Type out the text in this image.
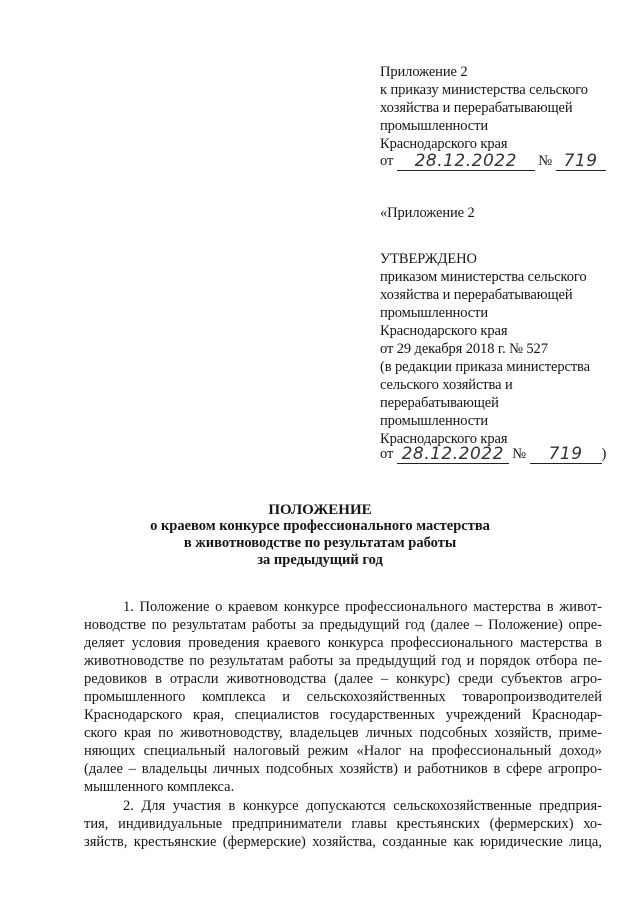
Приложение 2
к приказу министерства сельского
хозяйства и перерабатывающей
промышленности
Краснодарского края
от 28.12.2022 № 719
«Приложение 2
УТВЕРЖДЕНО
приказом министерства сельского
хозяйства и перерабатывающей
промышленности
Краснодарского края
от 29 декабря 2018 г. № 527
(в редакции приказа министерства
сельского хозяйства и
перерабатывающей
промышленности
Краснодарского края
от 28.12.2022 № 719 )
ПОЛОЖЕНИЕ
о краевом конкурсе профессионального мастерства
в животноводстве по результатам работы
за предыдущий год
1. Положение о краевом конкурсе профессионального мастерства в живот-
новодстве по результатам работы за предыдущий год (далее – Положение) опре-
деляет условия проведения краевого конкурса профессионального мастерства в
животноводстве по результатам работы за предыдущий год и порядок отбора пе-
редовиков в отрасли животноводства (далее – конкурс) среди субъектов агро-
промышленного комплекса и сельскохозяйственных товаропроизводителей
Краснодарского края, специалистов государственных учреждений Краснодар-
ского края по животноводству, владельцев личных подсобных хозяйств, приме-
няющих специальный налоговый режим «Налог на профессиональный доход»
(далее – владельцы личных подсобных хозяйств) и работников в сфере агропро-
мышленного комплекса.
2. Для участия в конкурсе допускаются сельскохозяйственные предприя-
тия, индивидуальные предприниматели главы крестьянских (фермерских) хо-
зяйств, крестьянские (фермерские) хозяйства, созданные как юридические лица,
